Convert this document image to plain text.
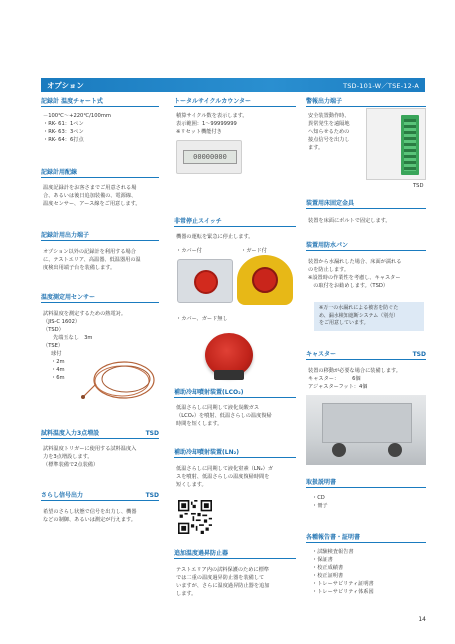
オプション	TSD-101-W／TSE-12-A
記録計 温度チャート式
－100℃～+220℃/100mm
・RK- 61：1ペン
・RK- 63：3ペン
・RK- 64：6打点
記録計用配線
温度記録計をお客さまでご用意される場
合、あるいは後日追加装備の、電源線、
温度センサー、アース線をご用意します。
記録計用出力端子
オプション以外の記録計を利用する場合
に、テストエリア、高温器、低温器用の温
度検出用端子台を装備します。
温度測定用センサー
試料温度を測定するための熱電対。
（JIS-C 1602）
（TSD）
先端玉なし　3m
（TSE）
球付
・2m
・4m
・6m
試料温度入力3点増設	TSD
試料温度トリガーに使用する試料温度入
力を3点増設します。
（標準装備で2点装備）
さらし信号出力	TSD
希望のさらし状態で信号を出力し、機器
などの制御、あるいは測定が行えます。
トータルサイクルカウンター
積算サイクル数を表示します。
表示範囲：1～99999999
※リセット機能付き
00000000
非常停止スイッチ
機器の運転を緊急に停止します。
・カバー付	・ガード付
・カバー、ガード無し
補助冷却噴射装置(LCO₂)
低温さらしに同期して液化炭酸ガス
（LCO₂）を噴射、低温さらしの温度復帰
時間を短くします。
補助冷却噴射装置(LN₂)
低温さらしに同期して液化窒素（LN₂）ガ
スを噴射、低温さらしの温度復帰時間を
短くします。
追加温度過昇防止器
テストエリア内の試料保護のために標準
では二重の温度過昇防止器を装備して
いますが、さらに温度過昇防止器を追加
します。
警報出力端子
安全装置動作時、
異常発生を遠隔地
へ知らせるための
接点信号を出力し
ます。
TSD
装置用床固定金具
装置を床面にボルトで固定します。
装置用防水パン
装置から水漏れした場合、床面が濡れる
のを防止します。
※設置時の作業性を考慮し、キャスター
　の取付をお勧めします。（TSD）
※万一の水漏れによる被害を防ぐた
め、漏水検知遮断システム（別売）
をご用意しています。
キャスター	TSD
装置の移動が必要な場合に装備します。
キャスター：　　　6個
アジャスターフット：4個
取扱説明書
・CD
・冊子
各種報告書・証明書
・試験検査報告書
・保証書
・校正成績書
・校正証明書
・トレーサビリティ証明書
・トレーサビリティ体系図
14
